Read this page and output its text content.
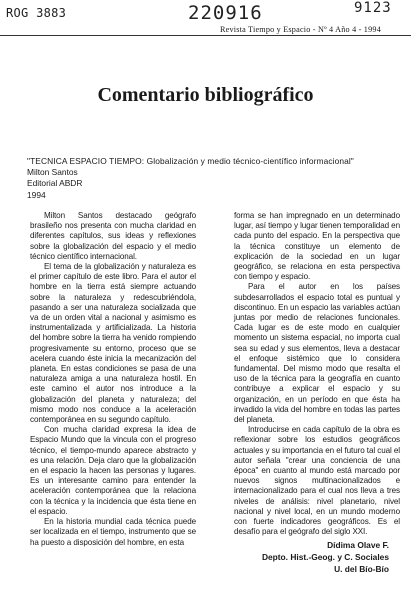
ROG 3883	220916	9123
Revista Tiempo y Espacio - Nº 4 Año 4 - 1994
Comentario bibliográfico
"TECNICA ESPACIO TIEMPO: Globalización y medio técnico-científico informacional"
Milton Santos
Editorial ABDR
1994

Milton Santos destacado geógrafo brasileño nos presenta con mucha claridad en diferentes capítulos, sus ideas y reflexiones sobre la globalización del espacio y el medio técnico científico internacional.

El tema de la globalización y naturaleza es el primer capítulo de este libro. Para el autor el hombre en la tierra está siempre actuando sobre la naturaleza y redescubriéndola, pasando a ser una naturaleza socializada que va de un orden vital a nacional y asimismo es instrumentalizada y artificializada. La historia del hombre sobre la tierra ha venido rompiendo progresivamente su entorno, proceso que se acelera cuando éste inicia la mecanización del planeta. En estas condiciones se pasa de una naturaleza amiga a una naturaleza hostil. En este camino el autor nos introduce a la globalización del planeta y naturaleza; del mismo modo nos conduce a la aceleración contemporánea en su segundo capítulo.

Con mucha claridad expresa la idea de Espacio Mundo que la vincula con el progreso técnico, el tiempo-mundo aparece abstracto y es una relación. Deja claro que la globalización en el espacio la hacen las personas y lugares. Es un interesante camino para entender la aceleración contemporánea que la relaciona con la técnica y la incidencia que ésta tiene en el espacio.

En la historia mundial cada técnica puede ser localizada en el tiempo, instrumento que se ha puesto a disposición del hombre, en esta

forma se han impregnado en un determinado lugar, así tiempo y lugar tienen temporalidad en cada punto del espacio. En la perspectiva que la técnica constituye un elemento de explicación de la sociedad en un lugar geográfico, se relaciona en esta perspectiva con tiempo y espacio.

Para el autor en los países subdesarrollados el espacio total es puntual y discontinuo. En un espacio las variables actúan juntas por medio de relaciones funcionales. Cada lugar es de este modo en cualquier momento un sistema espacial, no importa cual sea su edad y sus elementos, lleva a destacar el enfoque sistémico que lo considera fundamental. Del mismo modo que resalta el uso de la técnica para la geografía en cuanto contribuye a explicar el espacio y su organización, en un período en que ésta ha invadido la vida del hombre en todas las partes del planeta.

Introducirse en cada capítulo de la obra es reflexionar sobre los estudios geográficos actuales y su importancia en el futuro tal cual el autor señala "crear una conciencia de una época" en cuanto al mundo está marcado por nuevos signos multinacionalizados e internacionalizado para el cual nos lleva a tres niveles de análisis: nivel planetario, nivel nacional y nivel local, en un mundo moderno con fuerte indicadores geográficos. Es el desafío para el geógrafo del siglo XXI.

Dídima Olave F.
Depto. Hist.-Geog. y C. Sociales
U. del Bío-Bío
